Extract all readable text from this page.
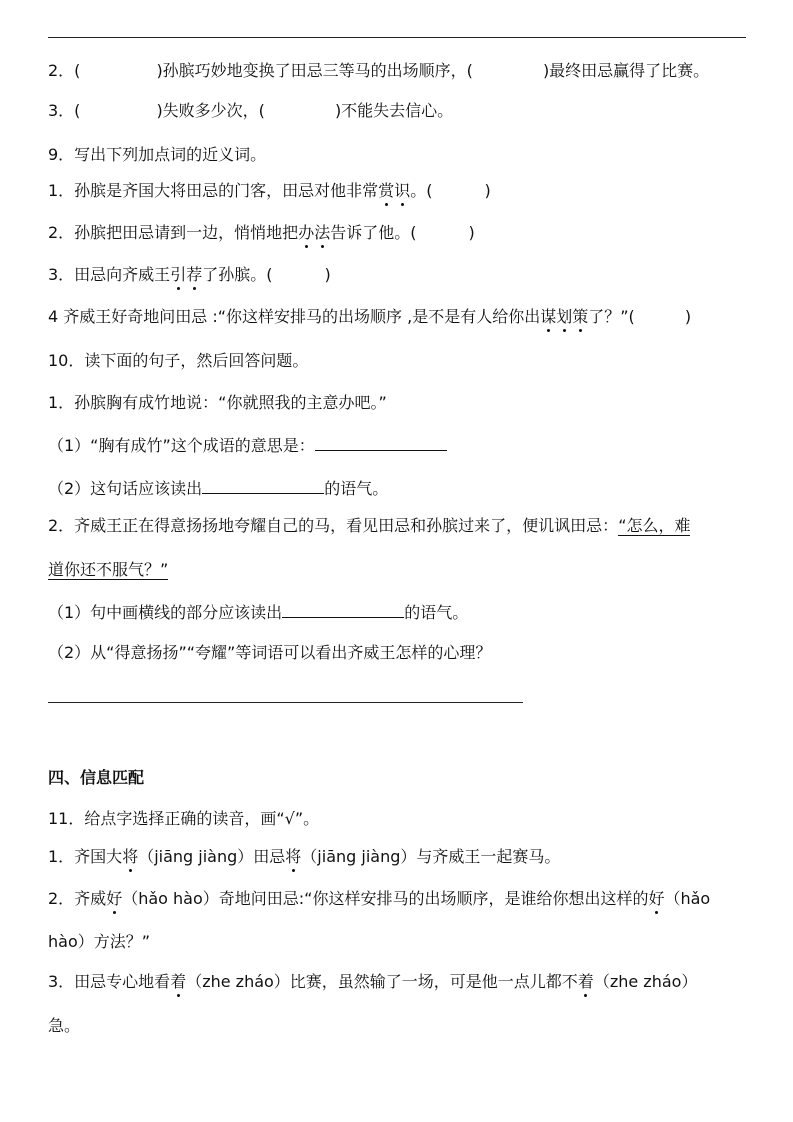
2．(	)孙膑巧妙地变换了田忌三等马的出场顺序，(	)最终田忌赢得了比赛。
3．(	)失败多少次，(	)不能失去信心。
9．写出下列加点词的近义词。
1．孙膑是齐国大将田忌的门客，田忌对他非常赏识。(	)
2．孙膑把田忌请到一边，悄悄地把办法告诉了他。(	)
3．田忌向齐威王引荐了孙膑。(	)
4 齐威王好奇地问田忌 :“你这样安排马的出场顺序 ,是不是有人给你出谋划策了？”(	)
10．读下面的句子，然后回答问题。
1．孙膑胸有成竹地说：“你就照我的主意办吧。”
（1）“胸有成竹”这个成语的意思是：
（2）这句话应该读出	的语气。
2．齐威王正在得意扬扬地夸耀自己的马，看见田忌和孙膑过来了，便讥讽田忌：“怎么，难
道你还不服气？”
（1）句中画横线的部分应该读出	的语气。
（2）从“得意扬扬”“夸耀”等词语可以看出齐威王怎样的心理？
四、信息匹配
11．给点字选择正确的读音，画“√”。
1．齐国大将（jiāng jiàng）田忌将（jiāng jiàng）与齐威王一起赛马。
2．齐威好（hǎo hào）奇地问田忌:“你这样安排马的出场顺序，是谁给你想出这样的好（hǎo
hào）方法？”
3．田忌专心地看着（zhe zháo）比赛，虽然输了一场，可是他一点儿都不着（zhe zháo）
急。
